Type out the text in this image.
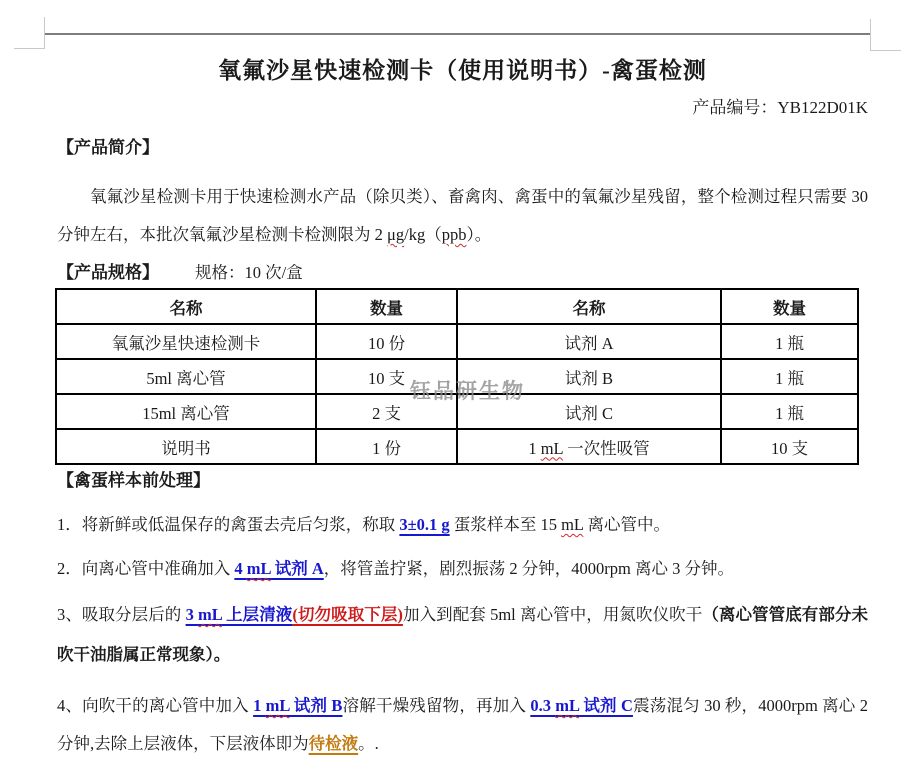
氧氟沙星快速检测卡（使用说明书）-禽蛋检测
产品编号：YB122D01K
【产品简介】

氧氟沙星检测卡用于快速检测水产品（除贝类）、畜禽肉、禽蛋中的氧氟沙星残留，整个检测过程只需要 30 分钟左右，本批次氧氟沙星检测卡检测限为 2 μg/kg（ppb）。

【产品规格】 规格：10 次/盒
名称	数量	名称	数量
氧氟沙星快速检测卡	10 份	试剂 A	1 瓶
5ml 离心管	10 支	试剂 B	1 瓶
15ml 离心管	2 支	试剂 C	1 瓶
说明书	1 份	1 mL 一次性吸管	10 支
【禽蛋样本前处理】

1．将新鲜或低温保存的禽蛋去壳后匀浆，称取 3±0.1 g 蛋浆样本至 15 mL 离心管中。

2．向离心管中准确加入 4 mL 试剂 A，将管盖拧紧，剧烈振荡 2 分钟，4000rpm 离心 3 分钟。

3、吸取分层后的 3 mL 上层清液(切勿吸取下层)加入到配套 5ml 离心管中，用氮吹仪吹干（离心管管底有部分未吹干油脂属正常现象）。

4、向吹干的离心管中加入 1 mL 试剂 B溶解干燥残留物，再加入 0.3 mL 试剂 C震荡混匀 30 秒，4000rpm 离心 2 分钟,去除上层液体，下层液体即为待检液。.

钰品研生物
